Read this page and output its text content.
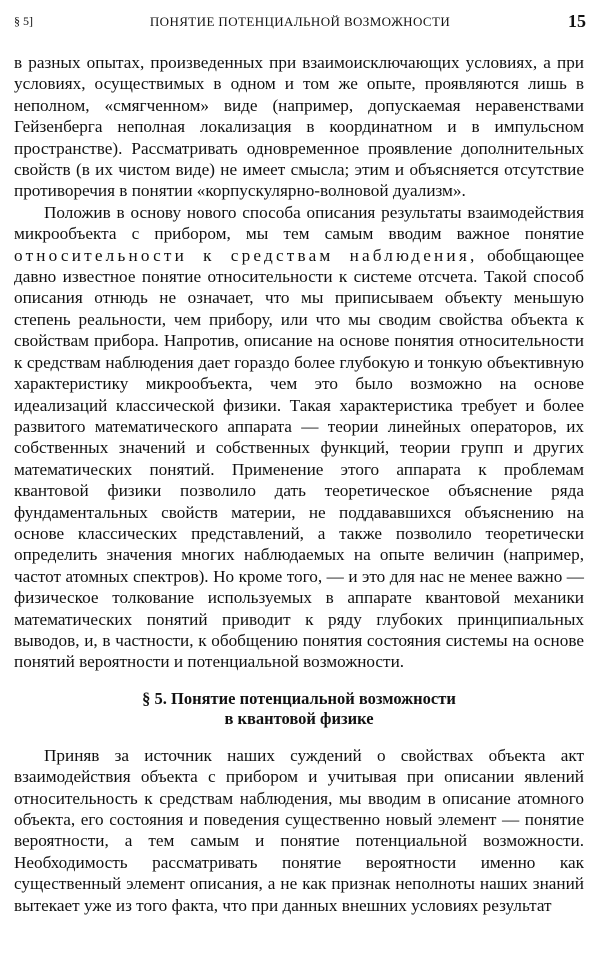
§ 5]	ПОНЯТИЕ ПОТЕНЦИАЛЬНОЙ ВОЗМОЖНОСТИ	15

в разных опытах, произведенных при взаимоисключающих условиях, а при условиях, осуществимых в одном и том же опыте, проявляются лишь в неполном, «смягченном» виде (например, допускаемая неравенствами Гейзенберга неполная локализация в координатном и в импульсном пространстве). Рассматривать одновременное проявление дополнительных свойств (в их чистом виде) не имеет смысла; этим и объясняется отсутствие противоречия в понятии «корпускулярно-волновой дуализм».

Положив в основу нового способа описания результаты взаимодействия микрообъекта с прибором, мы тем самым вводим важное понятие относительности к средствам наблюдения, обобщающее давно известное понятие относительности к системе отсчета. Такой способ описания отнюдь не означает, что мы приписываем объекту меньшую степень реальности, чем прибору, или что мы сводим свойства объекта к свойствам прибора. Напротив, описание на основе понятия относительности к средствам наблюдения дает гораздо более глубокую и тонкую объективную характеристику микрообъекта, чем это было возможно на основе идеализаций классической физики. Такая характеристика требует и более развитого математического аппарата — теории линейных операторов, их собственных значений и собственных функций, теории групп и других математических понятий. Применение этого аппарата к проблемам квантовой физики позволило дать теоретическое объяснение ряда фундаментальных свойств материи, не поддававшихся объяснению на основе классических представлений, а также позволило теоретически определить значения многих наблюдаемых на опыте величин (например, частот атомных спектров). Но кроме того, — и это для нас не менее важно — физическое толкование используемых в аппарате квантовой механики математических понятий приводит к ряду глубоких принципиальных выводов, и, в частности, к обобщению понятия состояния системы на основе понятий вероятности и потенциальной возможности.

§ 5. Понятие потенциальной возможности
в квантовой физике

Приняв за источник наших суждений о свойствах объекта акт взаимодействия объекта с прибором и учитывая при описании явлений относительность к средствам наблюдения, мы вводим в описание атомного объекта, его состояния и поведения существенно новый элемент — понятие вероятности, а тем самым и понятие потенциальной возможности. Необходимость рассматривать понятие вероятности именно как существенный элемент описания, а не как признак неполноты наших знаний вытекает уже из того факта, что при данных внешних условиях результат
